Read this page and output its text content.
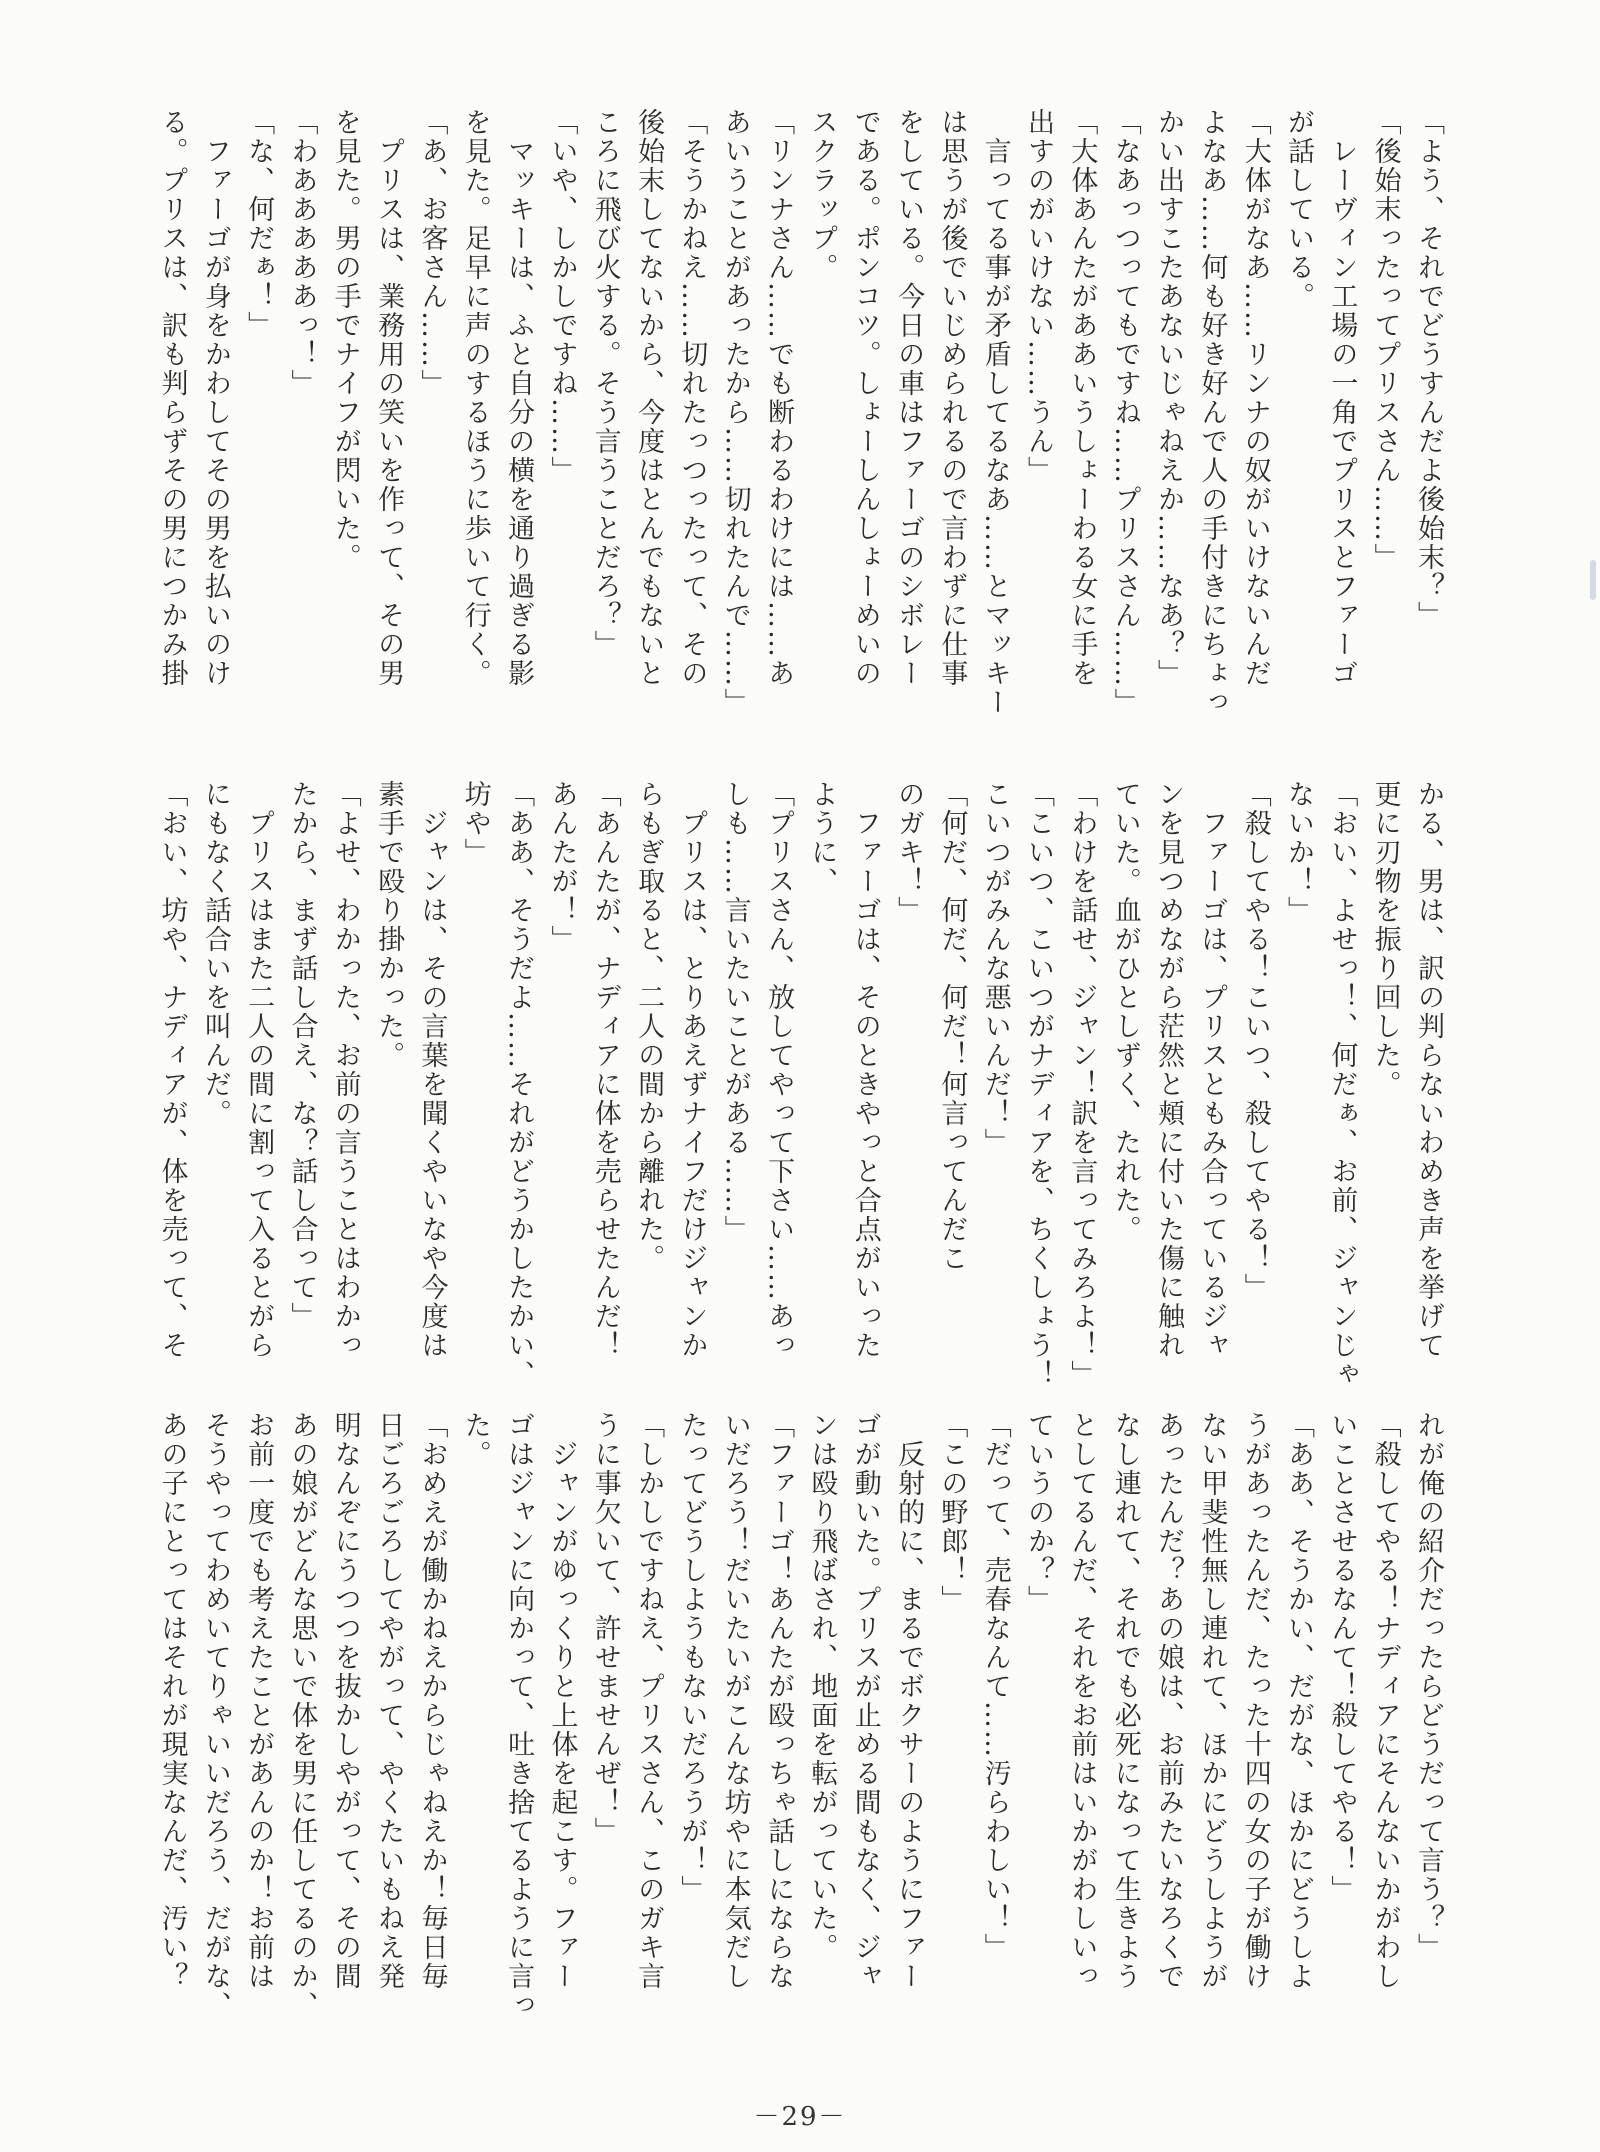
「よう、それでどうすんだよ後始末？」
「後始末ったってプリスさん……」
　レーヴィン工場の一角でプリスとファーゴ
が話している。
「大体がなあ……リンナの奴がいけないんだ
よなあ……何も好き好んで人の手付きにちょっ
かい出すこたあないじゃねえか……なあ？」
「なあっつってもですね……プリスさん……」
「大体あんたがああいうしょーわる女に手を
出すのがいけない……うん」
　言ってる事が矛盾してるなあ……とマッキー
は思うが後でいじめられるので言わずに仕事
をしている。今日の車はファーゴのシボレー
である。ポンコツ。しょーしんしょーめいの
スクラップ。
「リンナさん……でも断わるわけには……あ
あいうことがあったから……切れたんで……」
「そうかねえ……切れたっつったって、その
後始末してないから、今度はとんでもないと
ころに飛び火する。そう言うことだろ？」
「いや、しかしですね……」
　マッキーは、ふと自分の横を通り過ぎる影
を見た。足早に声のするほうに歩いて行く。
「あ、お客さん……」
　プリスは、業務用の笑いを作って、その男
を見た。男の手でナイフが閃いた。
「わあああああっ！」
「な、何だぁ！」
　ファーゴが身をかわしてその男を払いのけ
る。プリスは、訳も判らずその男につかみ掛
かる、男は、訳の判らないわめき声を挙げて
更に刃物を振り回した。
「おい、よせっ！、何だぁ、お前、ジャンじゃ
ないか！」
「殺してやる！こいつ、殺してやる！」
　ファーゴは、プリスともみ合っているジャ
ンを見つめながら茫然と頬に付いた傷に触れ
ていた。血がひとしずく、たれた。
「わけを話せ、ジャン！訳を言ってみろよ！」
「こいつ、こいつがナディアを、ちくしょう！
こいつがみんな悪いんだ！」
「何だ、何だ、何だ！何言ってんだこ
のガキ！」
　ファーゴは、そのときやっと合点がいった
ように、
「プリスさん、放してやって下さい……あっ
しも……言いたいことがある……」
　プリスは、とりあえずナイフだけジャンか
らもぎ取ると、二人の間から離れた。
「あんたが、ナディアに体を売らせたんだ！
あんたが！」
「ああ、そうだよ……それがどうかしたかい、
坊や」
　ジャンは、その言葉を聞くやいなや今度は
素手で殴り掛かった。
「よせ、わかった、お前の言うことはわかっ
たから、まず話し合え、な？話し合って」
　プリスはまた二人の間に割って入るとがら
にもなく話合いを叫んだ。
「おい、坊や、ナディアが、体を売って、そ
れが俺の紹介だったらどうだって言う？」
「殺してやる！ナディアにそんないかがわし
いことさせるなんて！殺してやる！」
「ああ、そうかい、だがな、ほかにどうしよ
うがあったんだ、たった十四の女の子が働け
ない甲斐性無し連れて、ほかにどうしようが
あったんだ？あの娘は、お前みたいなろくで
なし連れて、それでも必死になって生きよう
としてるんだ、それをお前はいかがわしいっ
ていうのか？」
「だって、売春なんて……汚らわしい！」
「この野郎！」
　反射的に、まるでボクサーのようにファー
ゴが動いた。プリスが止める間もなく、ジャ
ンは殴り飛ばされ、地面を転がっていた。
「ファーゴ！あんたが殴っちゃ話しにならな
いだろう！だいたいがこんな坊やに本気だし
たってどうしようもないだろうが！」
「しかしですねえ、プリスさん、このガキ言
うに事欠いて、許せませんぜ！」
　ジャンがゆっくりと上体を起こす。ファー
ゴはジャンに向かって、吐き捨てるように言っ
た。
「おめえが働かねえからじゃねえか！毎日毎
日ごろごろしてやがって、やくたいもねえ発
明なんぞにうつつを抜かしやがって、その間
あの娘がどんな思いで体を男に任してるのか、
お前一度でも考えたことがあんのか！お前は
そうやってわめいてりゃいいだろう、だがな、
あの子にとってはそれが現実なんだ、汚い？
－29－
